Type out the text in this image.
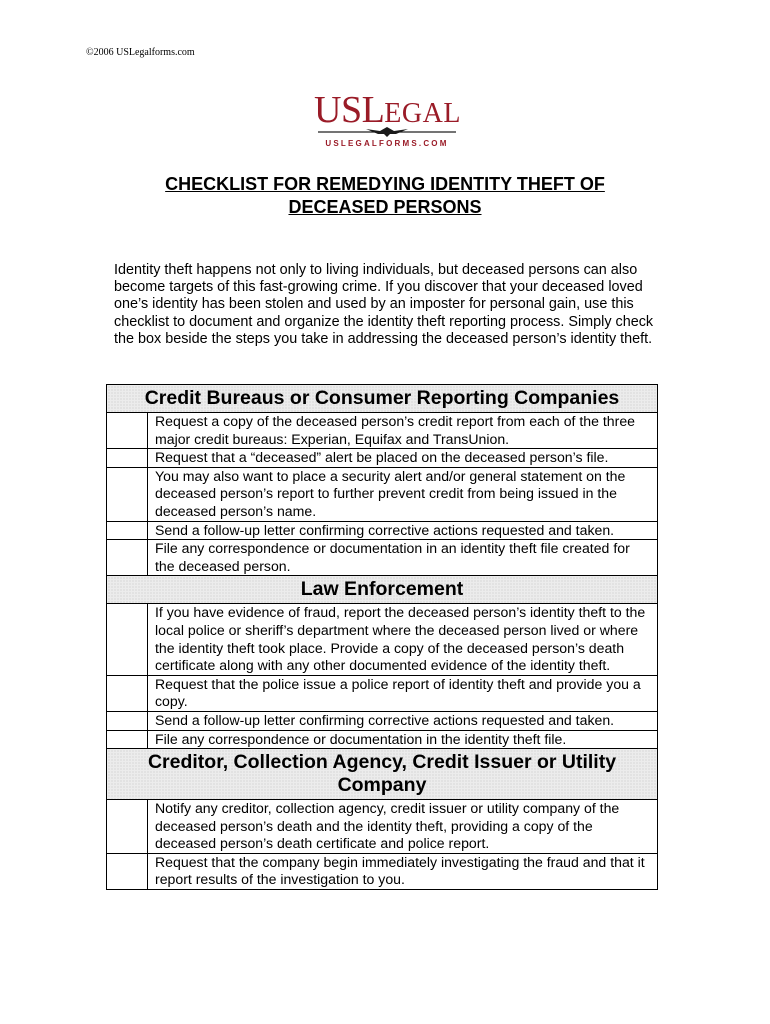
©2006 USLegalforms.com
USLEGAL
USLEGALFORMS.COM
CHECKLIST FOR REMEDYING IDENTITY THEFT OF
DECEASED PERSONS

Identity theft happens not only to living individuals, but deceased persons can also become targets of this fast-growing crime. If you discover that your deceased loved one’s identity has been stolen and used by an imposter for personal gain, use this checklist to document and organize the identity theft reporting process. Simply check the box beside the steps you take in addressing the deceased person’s identity theft.

Credit Bureaus or Consumer Reporting Companies	
	Request a copy of the deceased person’s credit report from each of the three major credit bureaus: Experian, Equifax and TransUnion.
	Request that a “deceased” alert be placed on the deceased person’s file.
	You may also want to place a security alert and/or general statement on the deceased person’s report to further prevent credit from being issued in the deceased person’s name.
	Send a follow-up letter confirming corrective actions requested and taken.
	File any correspondence or documentation in an identity theft file created for the deceased person.
Law Enforcement	
	If you have evidence of fraud, report the deceased person’s identity theft to the local police or sheriff’s department where the deceased person lived or where the identity theft took place. Provide a copy of the deceased person’s death certificate along with any other documented evidence of the identity theft.
	Request that the police issue a police report of identity theft and provide you a copy.
	Send a follow-up letter confirming corrective actions requested and taken.
	File any correspondence or documentation in the identity theft file.
Creditor, Collection Agency, Credit Issuer or Utility Company	
	Notify any creditor, collection agency, credit issuer or utility company of the deceased person’s death and the identity theft, providing a copy of the deceased person’s death certificate and police report.
	Request that the company begin immediately investigating the fraud and that it report results of the investigation to you.
